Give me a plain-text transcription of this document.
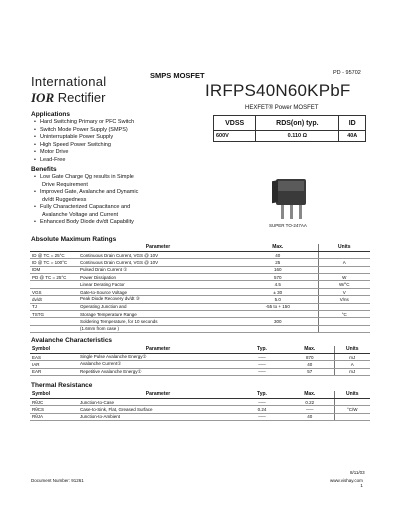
International
IOR Rectifier
SMPS MOSFET	PD - 95702
IRFPS40N60KPbF
HEXFET® Power MOSFET
VDSS	RDS(on) typ.	ID
600V	0.110 Ω	40A
Applications
• Hard Switching Primary or PFC Switch
• Switch Mode Power Supply (SMPS)
• Uninterruptable Power Supply
• High Speed Power Switching
• Motor Drive
• Lead-Free
Benefits
• Low Gate Charge Qg results in Simple
Drive Requirement
• Improved Gate, Avalanche and Dynamic
dv/dt Ruggedness
• Fully Characterized Capacitance and
Avalanche Voltage and Current
• Enhanced Body Diode dv/dt Capability
SUPER TO-247AA
Absolute Maximum Ratings
	Parameter	Max.	Units
ID @ TC = 25°C	Continuous Drain Current, VGS @ 10V	40	
ID @ TC = 100°C	Continuous Drain Current, VGS @ 10V	25	A
IDM	Pulsed Drain Current ①	160	
PD @ TC = 25°C	Power Dissipation	570	W
	Linear Derating Factor	4.5	W/°C
VGS	Gate-to-Source Voltage	± 30	V
dv/dt	Peak Diode Recovery dv/dt ③	5.0	V/ns
TJ	Operating Junction and	-55 to + 150	
TSTG	Storage Temperature Range		°C
	Soldering Temperature, for 10 seconds	300	
	(1.6mm from case )		
Avalanche Characteristics
Symbol	Parameter	Typ.	Max.	Units
EAS	Single Pulse Avalanche Energy②	–––	870	mJ
IAR	Avalanche Current①	–––	40	A
EAR	Repetitive Avalanche Energy①	–––	57	mJ
Thermal Resistance
Symbol	Parameter	Typ.	Max.	Units
RθJC	Junction-to-Case	–––	0.22	
RθCS	Case-to-Sink, Flat, Greased Surface	0.24	–––	°C/W
RθJA	Junction-to-Ambient	–––	40	
8/11/03
Document Number: 91261	www.vishay.com
1
